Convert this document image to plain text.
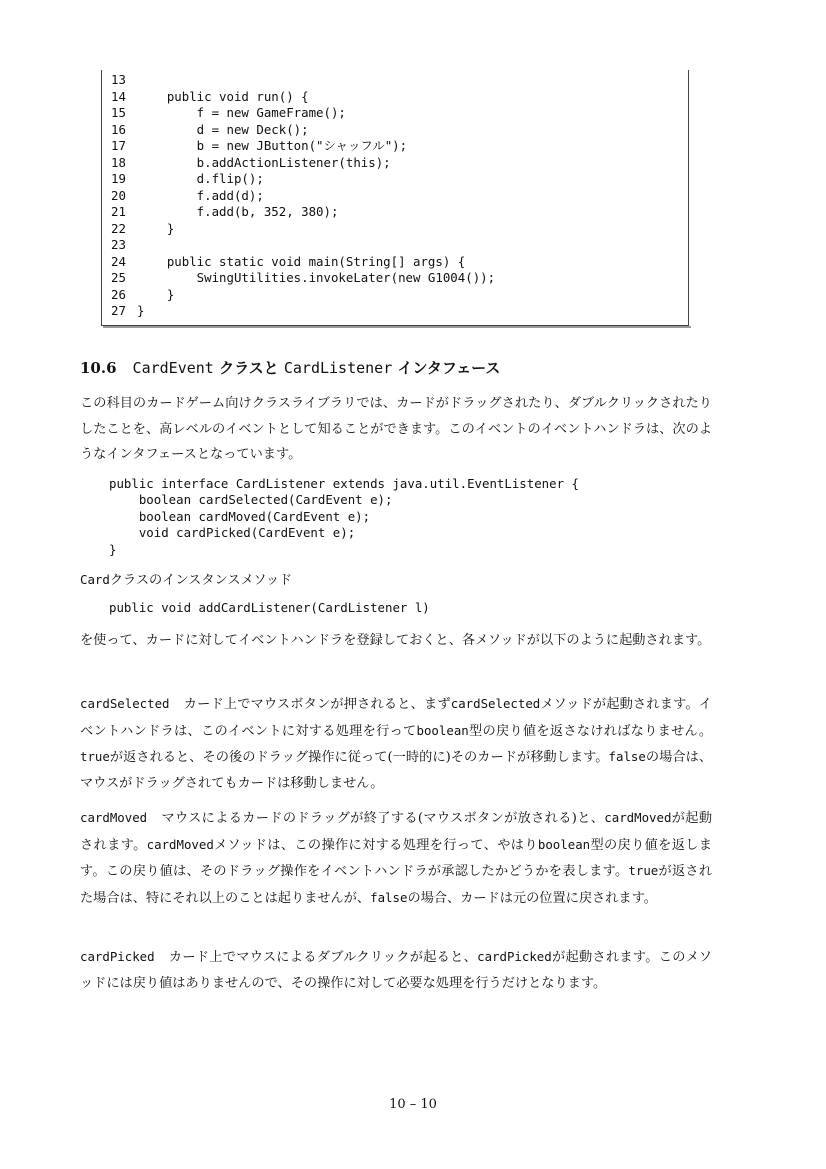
13
14    public void run() {
15        f = new GameFrame();
16        d = new Deck();
17        b = new JButton("シャッフル");
18        b.addActionListener(this);
19        d.flip();
20        f.add(d);
21        f.add(b, 352, 380);
22    }
23
24    public static void main(String[] args) {
25        SwingUtilities.invokeLater(new G1004());
26    }
27 }
10.6 CardEvent クラスと CardListener インタフェース
この科目のカードゲーム向けクラスライブラリでは、カードがドラッグされたり、ダブルクリックされたりしたことを、高レベルのイベントとして知ることができます。このイベントのイベントハンドラは、次のようなインタフェースとなっています。
public interface CardListener extends java.util.EventListener {
boolean cardSelected(CardEvent e);
boolean cardMoved(CardEvent e);
void cardPicked(CardEvent e);
}
Cardクラスのインスタンスメソッド
public void addCardListener(CardListener l)
を使って、カードに対してイベントハンドラを登録しておくと、各メソッドが以下のように起動されます。
cardSelected カード上でマウスボタンが押されると、まずcardSelectedメソッドが起動されます。イベントハンドラは、このイベントに対する処理を行ってboolean型の戻り値を返さなければなりません。trueが返されると、その後のドラッグ操作に従って(一時的に)そのカードが移動します。falseの場合は、マウスがドラッグされてもカードは移動しません。
cardMoved マウスによるカードのドラッグが終了する(マウスボタンが放される)と、cardMovedが起動されます。cardMovedメソッドは、この操作に対する処理を行って、やはりboolean型の戻り値を返します。この戻り値は、そのドラッグ操作をイベントハンドラが承認したかどうかを表します。trueが返された場合は、特にそれ以上のことは起りませんが、falseの場合、カードは元の位置に戻されます。
cardPicked カード上でマウスによるダブルクリックが起ると、cardPickedが起動されます。このメソッドには戻り値はありませんので、その操作に対して必要な処理を行うだけとなります。
10 – 10
